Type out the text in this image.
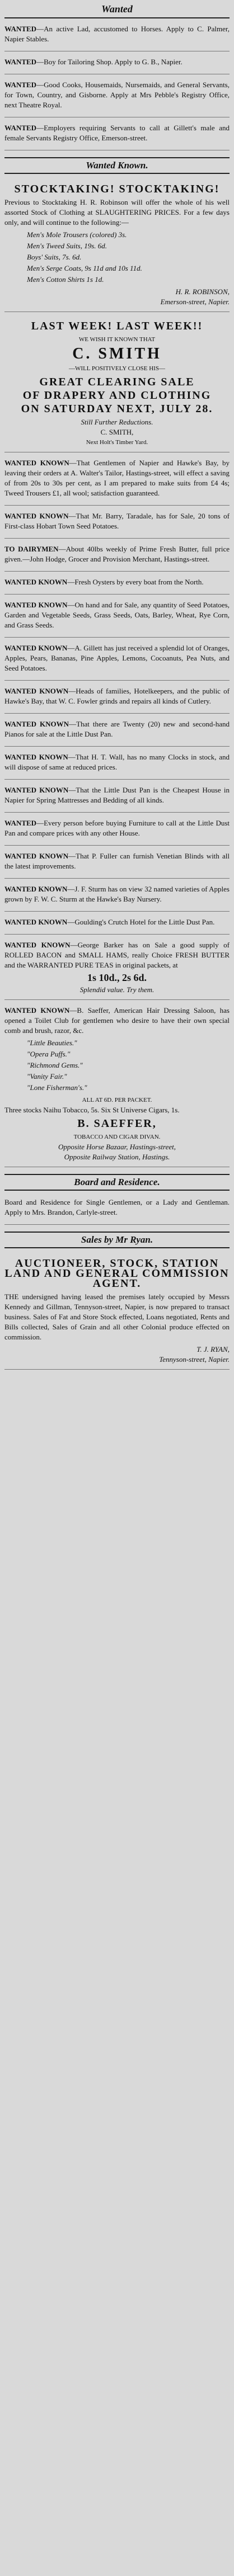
Wanted

WANTED—An active Lad, accustomed to Horses. Apply to C. Palmer, Napier Stables.

WANTED—Boy for Tailoring Shop. Apply to G. B., Napier.

WANTED—Good Cooks, Housemaids, Nursemaids, and General Servants, for Town, Country, and Gisborne. Apply at Mrs Pebble's Registry Office, next Theatre Royal.

WANTED—Employers requiring Servants to call at Gillett's male and female Servants Registry Office, Emerson-street.

Wanted Known.
STOCKTAKING! STOCKTAKING!

Previous to Stocktaking H. R. Robinson will offer the whole of his well assorted Stock of Clothing at SLAUGHTERING PRICES. For a few days only, and will continue to the following:—

Men's Mole Trousers (colored) 3s.
Men's Tweed Suits, 19s. 6d.
Boys' Suits, 7s. 6d.
Men's Serge Coats, 9s 11d and 10s 11d.
Men's Cotton Shirts 1s 1d.
H. R. ROBINSON,
Emerson-street, Napier.
LAST WEEK! LAST WEEK!!
WE WISH IT KNOWN THAT
C. SMITH
—WILL POSITIVELY CLOSE HIS—
GREAT CLEARING SALE
OF DRAPERY AND CLOTHING
ON SATURDAY NEXT, JULY 28.
Still Further Reductions.
C. SMITH,
Next Holt's Timber Yard.

WANTED KNOWN—That Gentlemen of Napier and Hawke's Bay, by leaving their orders at A. Walter's Tailor, Hastings-street, will effect a saving of from 20s to 30s per cent, as I am prepared to make suits from £4 4s; Tweed Trousers £1, all wool; satisfaction guaranteed.

WANTED KNOWN—That Mr. Barry, Taradale, has for Sale, 20 tons of First-class Hobart Town Seed Potatoes.

TO DAIRYMEN—About 40lbs weekly of Prime Fresh Butter, full price given.—John Hodge, Grocer and Provision Merchant, Hastings-street.

WANTED KNOWN—Fresh Oysters by every boat from the North.

WANTED KNOWN—On hand and for Sale, any quantity of Seed Potatoes, Garden and Vegetable Seeds, Grass Seeds, Oats, Barley, Wheat, Rye Corn, and Grass Seeds.

WANTED KNOWN—A. Gillett has just received a splendid lot of Oranges, Apples, Pears, Bananas, Pine Apples, Lemons, Cocoanuts, Pea Nuts, and Seed Potatoes.

WANTED KNOWN—Heads of families, Hotelkeepers, and the public of Hawke's Bay, that W. C. Fowler grinds and repairs all kinds of Cutlery.

WANTED KNOWN—That there are Twenty (20) new and second-hand Pianos for sale at the Little Dust Pan.

WANTED KNOWN—That H. T. Wall, has no many Clocks in stock, and will dispose of same at reduced prices.

WANTED KNOWN—That the Little Dust Pan is the Cheapest House in Napier for Spring Mattresses and Bedding of all kinds.

WANTED—Every person before buying Furniture to call at the Little Dust Pan and compare prices with any other House.

WANTED KNOWN—That P. Fuller can furnish Venetian Blinds with all the latest improvements.

WANTED KNOWN—J. F. Sturm has on view 32 named varieties of Apples grown by F. W. C. Sturm at the Hawke's Bay Nursery.

WANTED KNOWN—Goulding's Crutch Hotel for the Little Dust Pan.

WANTED KNOWN—George Barker has on Sale a good supply of ROLLED BACON and SMALL HAMS, really Choice FRESH BUTTER and the WARRANTED PURE TEAS in original packets, at

1s 10d., 2s 6d.
Splendid value. Try them.

WANTED KNOWN—B. Saeffer, American Hair Dressing Saloon, has opened a Toilet Club for gentlemen who desire to have their own special comb and brush, razor, &c.

"Little Beauties."
"Opera Puffs."
"Richmond Gems."
"Vanity Fair."
"Lone Fisherman's."
ALL AT 6D. PER PACKET.

Three stocks Naihu Tobacco, 5s. Six St Universe Cigars, 1s.

B. SAEFFER,
TOBACCO AND CIGAR DIVAN.
Opposite Horse Bazaar, Hastings-street,
Opposite Railway Station, Hastings.
Board and Residence.

Board and Residence for Single Gentlemen, or a Lady and Gentleman. Apply to Mrs. Brandon, Carlyle-street.

Sales by Mr Ryan.
AUCTIONEER, STOCK, STATION LAND AND GENERAL COMMISSION AGENT.

THE undersigned having leased the premises lately occupied by Messrs Kennedy and Gillman, Tennyson-street, Napier, is now prepared to transact business. Sales of Fat and Store Stock effected, Loans negotiated, Rents and Bills collected, Sales of Grain and all other Colonial produce effected on commission.

T. J. RYAN,
Tennyson-street, Napier.
